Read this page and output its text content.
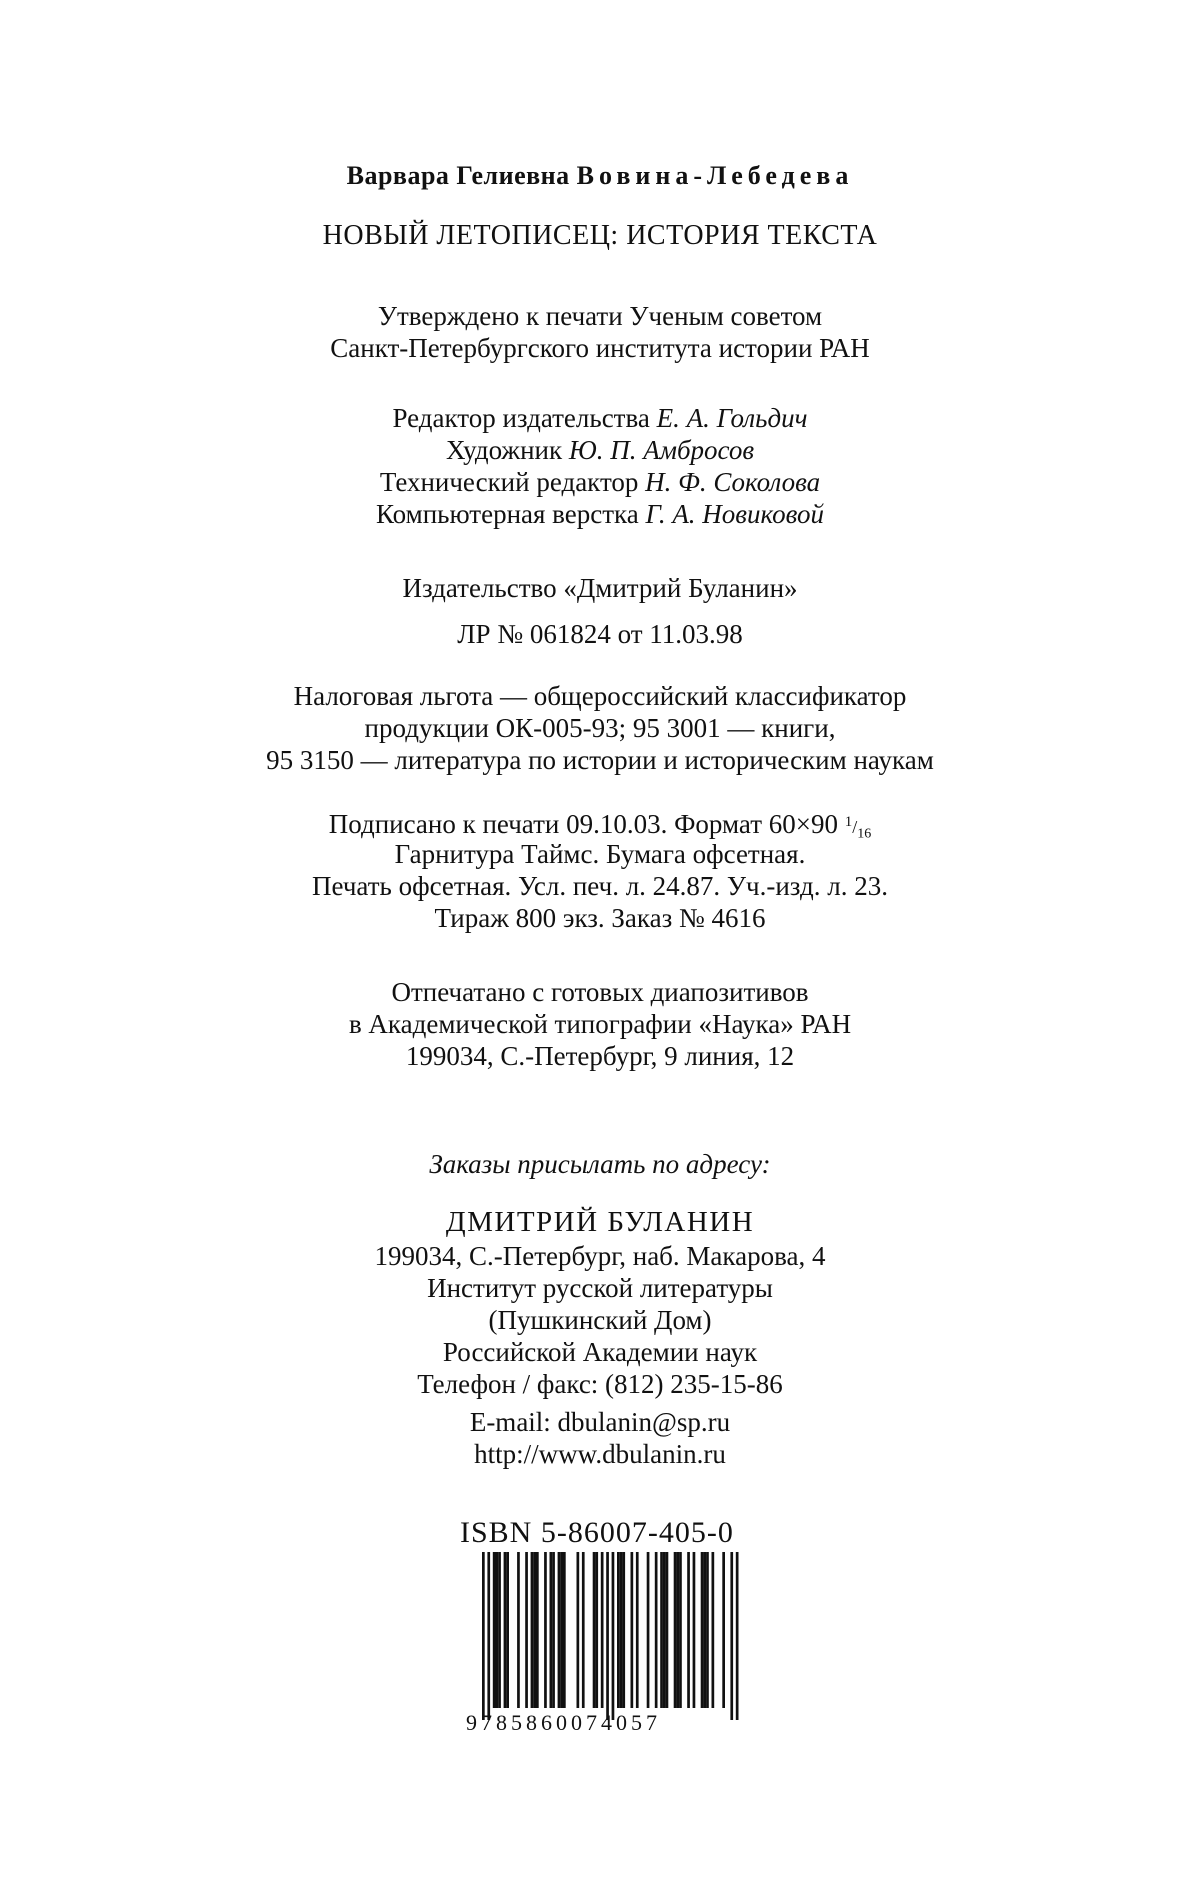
Варвара Гелиевна Вовина-Лебедева
НОВЫЙ ЛЕТОПИСЕЦ: ИСТОРИЯ ТЕКСТА
Утверждено к печати Ученым советом
Санкт-Петербургского института истории РАН
Редактор издательства Е. А. Гольдич
Художник Ю. П. Амбросов
Технический редактор Н. Ф. Соколова
Компьютерная верстка Г. А. Новиковой
Издательство «Дмитрий Буланин»
ЛР № 061824 от 11.03.98
Налоговая льгота — общероссийский классификатор
продукции ОК-005-93; 95 3001 — книги,
95 3150 — литература по истории и историческим наукам
Подписано к печати 09.10.03. Формат 60×90 $^1/_{16}$
Гарнитура Таймс. Бумага офсетная.
Печать офсетная. Усл. печ. л. 24.87. Уч.-изд. л. 23.
Тираж 800 экз. Заказ № 4616
Отпечатано с готовых диапозитивов
в Академической типографии «Наука» РАН
199034, С.-Петербург, 9 линия, 12
Заказы присылать по адресу:
ДМИТРИЙ БУЛАНИН
199034, С.-Петербург, наб. Макарова, 4
Институт русской литературы
(Пушкинский Дом)
Российской Академии наук
Телефон / факс: (812) 235-15-86
E-mail: dbulanin@sp.ru
http://www.dbulanin.ru
ISBN 5-86007-405-0
9785860074057
